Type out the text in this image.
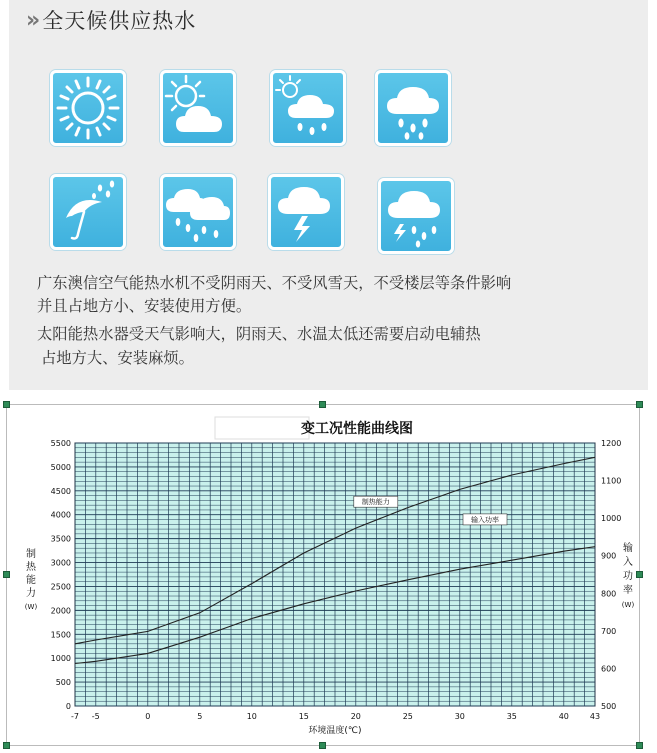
» 全天候供应热水
广东澳信空气能热水机不受阴雨天、不受风雪天，不受楼层等条件影响
并且占地方小、安装使用方便。
太阳能热水器受天气影响大，阴雨天、水温太低还需要启动电辅热
占地方大、安装麻烦。
变工况性能曲线图
-7 -5	0	5	10	15	20	25	30	35	40	43
0
500
1000
1500
2000
2500
3000
3500
4000
4500
5000
5500
500
600
700
800
900
1000
1100
1200
制热能力
输入功率
环境温度(℃)
制
热
能
力
(W)
输
入
功
率
(W)
